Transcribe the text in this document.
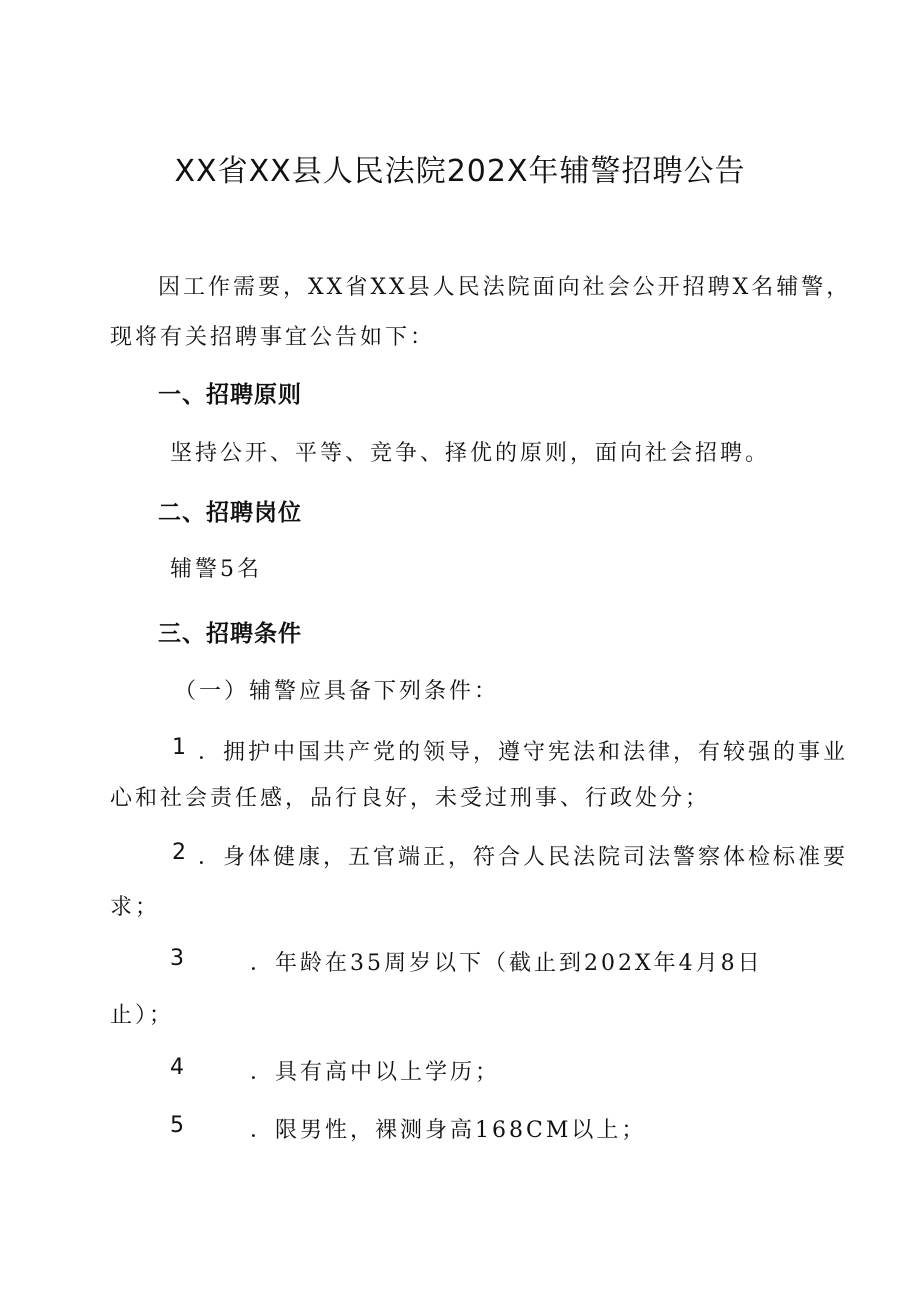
XX省XX县人民法院202X年辅警招聘公告
因工作需要，XX省XX县人民法院面向社会公开招聘X名辅警，
现将有关招聘事宜公告如下：
一、招聘原则
坚持公开、平等、竞争、择优的原则，面向社会招聘。
二、招聘岗位
辅警5名
三、招聘条件
（一）辅警应具备下列条件：
1 ．拥护中国共产党的领导，遵守宪法和法律，有较强的事业
心和社会责任感，品行良好，未受过刑事、行政处分；
2 ．身体健康，五官端正，符合人民法院司法警察体检标准要
求；
3	．年龄在35周岁以下（截止到202X年4月8日
止）；
4	．具有高中以上学历；
5	．限男性，裸测身高168CM以上；
